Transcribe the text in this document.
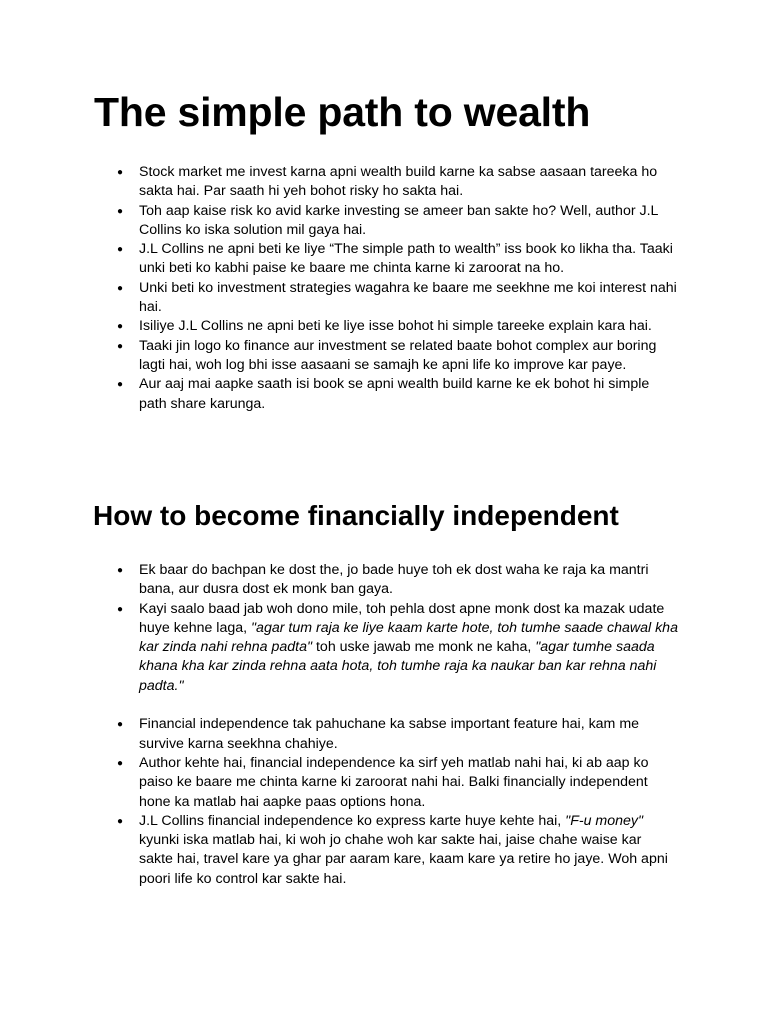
The simple path to wealth
● Stock market me invest karna apni wealth build karne ka sabse aasaan tareeka ho sakta hai. Par saath hi yeh bohot risky ho sakta hai.
● Toh aap kaise risk ko avid karke investing se ameer ban sakte ho? Well, author J.L Collins ko iska solution mil gaya hai.
● J.L Collins ne apni beti ke liye “The simple path to wealth” iss book ko likha tha. Taaki unki beti ko kabhi paise ke baare me chinta karne ki zaroorat na ho.
● Unki beti ko investment strategies wagahra ke baare me seekhne me koi interest nahi hai.
● Isiliye J.L Collins ne apni beti ke liye isse bohot hi simple tareeke explain kara hai.
● Taaki jin logo ko finance aur investment se related baate bohot complex aur boring lagti hai, woh log bhi isse aasaani se samajh ke apni life ko improve kar paye.
● Aur aaj mai aapke saath isi book se apni wealth build karne ke ek bohot hi simple path share karunga.
How to become financially independent
● Ek baar do bachpan ke dost the, jo bade huye toh ek dost waha ke raja ka mantri bana, aur dusra dost ek monk ban gaya.
● Kayi saalo baad jab woh dono mile, toh pehla dost apne monk dost ka mazak udate huye kehne laga, "agar tum raja ke liye kaam karte hote, toh tumhe saade chawal kha kar zinda nahi rehna padta" toh uske jawab me monk ne kaha, "agar tumhe saada khana kha kar zinda rehna aata hota, toh tumhe raja ka naukar ban kar rehna nahi padta."
● Financial independence tak pahuchane ka sabse important feature hai, kam me survive karna seekhna chahiye.
● Author kehte hai, financial independence ka sirf yeh matlab nahi hai, ki ab aap ko paiso ke baare me chinta karne ki zaroorat nahi hai. Balki financially independent hone ka matlab hai aapke paas options hona.
● J.L Collins financial independence ko express karte huye kehte hai, "F-u money" kyunki iska matlab hai, ki woh jo chahe woh kar sakte hai, jaise chahe waise kar sakte hai, travel kare ya ghar par aaram kare, kaam kare ya retire ho jaye. Woh apni poori life ko control kar sakte hai.
